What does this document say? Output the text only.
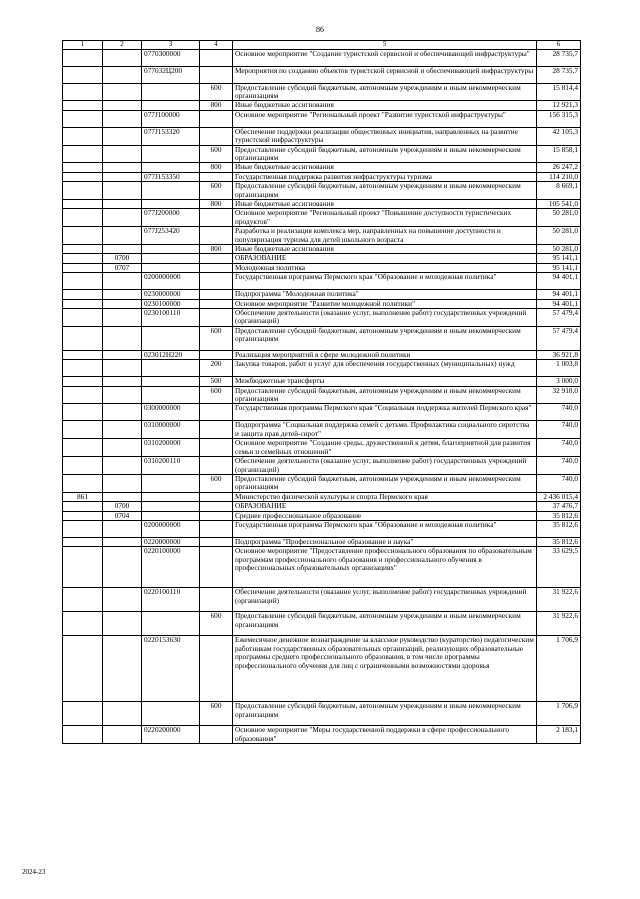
86
1	2	3	4	5	6
		0770300000		Основное мероприятие "Создание туристской сервисной и обеспечивающей инфраструктуры"	28 735,7
		077032Ц200		Мероприятия по созданию объектов туристской сервисной и обеспечивающей инфраструктуры	28 735,7
			600	Предоставление субсидий бюджетным, автономным учреждениям и иным некоммерческим организациям	15 814,4
			800	Иные бюджетные ассигнования	12 921,3
		077J100000		Основное мероприятие "Региональный проект "Развитие туристской инфраструктуры"	156 315,3
		077J153320		Обеспечение поддержки реализации общественных инициатив, направленных на развитие туристской инфраструктуры	42 105,3
			600	Предоставление субсидий бюджетным, автономным учреждениям и иным некоммерческим организациям	15 858,1
			800	Иные бюджетные ассигнования	26 247,2
		077J153350		Государственная поддержка развития инфраструктуры туризма	114 210,0
			600	Предоставление субсидий бюджетным, автономным учреждениям и иным некоммерческим организациям	8 669,1
			800	Иные бюджетные ассигнования	105 541,0
		077J200000		Основное мероприятие "Региональный проект "Повышение доступности туристических продуктов"	50 281,0
		077J253420		Разработка и реализация комплекса мер, направленных на повышение доступности и популяризация туризма для детей школьного возраста	50 281,0
			800	Иные бюджетные ассигнования	50 281,0
	0700			ОБРАЗОВАНИЕ	95 141,1
	0707			Молодежная политика	95 141,1
		0200000000		Государственная программа Пермского края "Образование и молодежная политика"	94 401,1
		0230000000		Подпрограмма "Молодежная политика"	94 401,1
		0230100000		Основное мероприятие "Развитие молодежной политики"	94 401,1
		0230100110		Обеспечение деятельности (оказание услуг, выполнение работ) государственных учреждений (организаций)	57 479,4
			600	Предоставление субсидий бюджетным, автономным учреждениям и иным некоммерческим организациям	57 479,4
		023012Н220		Реализация мероприятий в сфере молодежной политики	36 921,8
			200	Закупка товаров, работ и услуг для обеспечения государственных (муниципальных) нужд	1 003,8
			500	Межбюджетные трансферты	3 000,0
			600	Предоставление субсидий бюджетным, автономным учреждениям и иным некоммерческим организациям	32 918,0
		0300000000		Государственная программа Пермского края "Социальная поддержка жителей Пермского края"	740,0
		0310000000		Подпрограмма "Социальная поддержка семей с детьми. Профилактика социального сиротства и защита прав детей-сирот"	740,0
		0310200000		Основное мероприятие "Создание среды, дружественной к детям, благоприятной для развития семьи и семейных отношений"	740,0
		0310200110		Обеспечение деятельности (оказание услуг, выполнение работ) государственных учреждений (организаций)	740,0
			600	Предоставление субсидий бюджетным, автономным учреждениям и иным некоммерческим организациям	740,0
861				Министерство физической культуры и спорта Пермского края	2 436 015,4
	0700			ОБРАЗОВАНИЕ	37 476,7
	0704			Среднее профессиональное образование	35 812,6
		0200000000		Государственная программа Пермского края "Образование и молодежная политика"	35 812,6
		0220000000		Подпрограмма "Профессиональное образование и наука"	35 812,6
		0220100000		Основное мероприятие "Предоставление профессионального образования по образовательным программам профессионального образования и профессионального обучения в профессиональных образовательных организациях"	33 629,5
		0220100110		Обеспечение деятельности (оказание услуг, выполнение работ) государственных учреждений (организаций)	31 922,6
			600	Предоставление субсидий бюджетным, автономным учреждениям и иным некоммерческим организациям	31 922,6
		0220153630		Ежемесячное денежное вознаграждение за классное руководство (кураторство) педагогическим работникам государственных образовательных организаций, реализующих образовательные программы среднего профессионального образования, в том числе программы профессионального обучения для лиц с ограниченными возможностями здоровья	1 706,9
			600	Предоставление субсидий бюджетным, автономным учреждениям и иным некоммерческим организациям	1 706,9
		0220200000		Основное мероприятие "Меры государственной поддержки в сфере профессионального образования"	2 183,1
2024-23
